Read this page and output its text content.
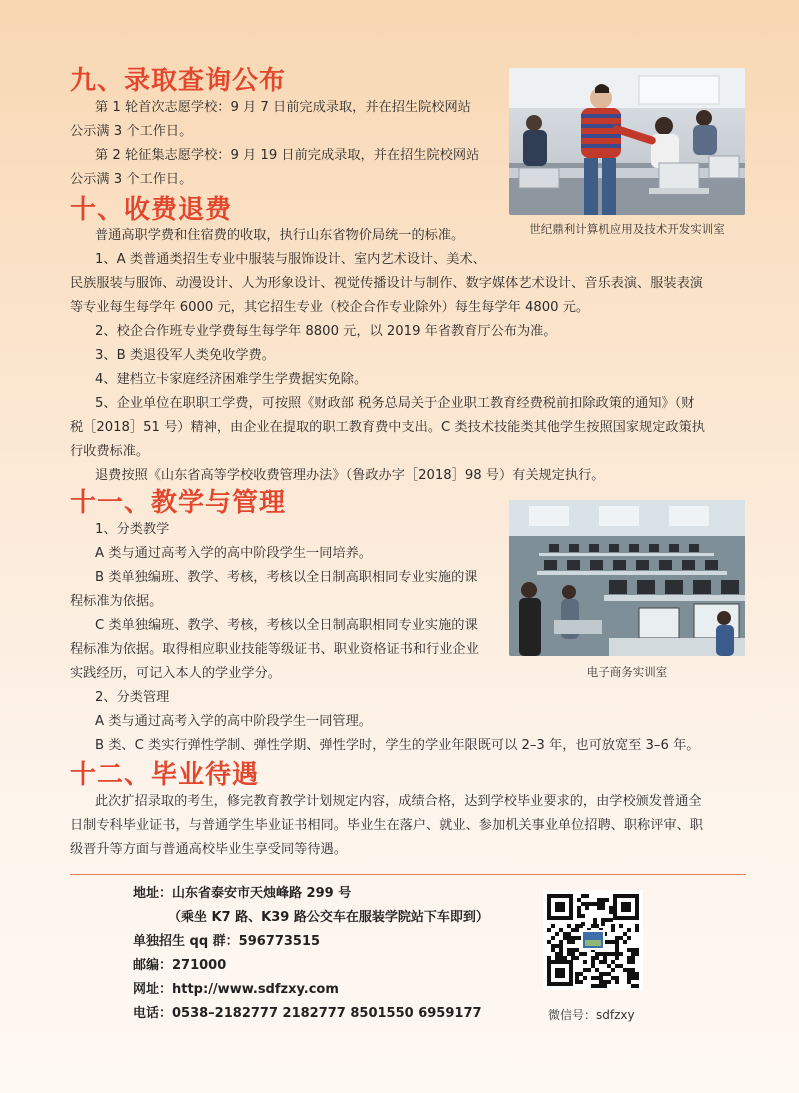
九、录取查询公布
第 1 轮首次志愿学校：9 月 7 日前完成录取，并在招生院校网站
公示满 3 个工作日。
第 2 轮征集志愿学校：9 月 19 日前完成录取，并在招生院校网站
公示满 3 个工作日。
世纪鼎利计算机应用及技术开发实训室
十、收费退费
普通高职学费和住宿费的收取，执行山东省物价局统一的标准。
1、A 类普通类招生专业中服装与服饰设计、室内艺术设计、美术、
民族服装与服饰、动漫设计、人为形象设计、视觉传播设计与制作、数字媒体艺术设计、音乐表演、服装表演
等专业每生每学年 6000 元，其它招生专业（校企合作专业除外）每生每学年 4800 元。
2、校企合作班专业学费每生每学年 8800 元，以 2019 年省教育厅公布为准。
3、B 类退役军人类免收学费。
4、建档立卡家庭经济困难学生学费据实免除。
5、企业单位在职职工学费，可按照《财政部 税务总局关于企业职工教育经费税前扣除政策的通知》（财
税［2018］51 号）精神，由企业在提取的职工教育费中支出。C 类技术技能类其他学生按照国家规定政策执
行收费标准。
退费按照《山东省高等学校收费管理办法》（鲁政办字［2018］98 号）有关规定执行。
十一、教学与管理
1、分类教学
A 类与通过高考入学的高中阶段学生一同培养。
B 类单独编班、教学、考核，考核以全日制高职相同专业实施的课
程标准为依据。
C 类单独编班、教学、考核，考核以全日制高职相同专业实施的课
程标准为依据。取得相应职业技能等级证书、职业资格证书和行业企业
实践经历，可记入本人的学业学分。
2、分类管理
A 类与通过高考入学的高中阶段学生一同管理。
B 类、C 类实行弹性学制、弹性学期、弹性学时，学生的学业年限既可以 2–3 年，也可放宽至 3–6 年。
电子商务实训室
十二、毕业待遇
此次扩招录取的考生，修完教育教学计划规定内容，成绩合格，达到学校毕业要求的，由学校颁发普通全
日制专科毕业证书，与普通学生毕业证书相同。毕业生在落户、就业、参加机关事业单位招聘、职称评审、职
级晋升等方面与普通高校毕业生享受同等待遇。
地址：山东省泰安市天烛峰路 299 号
（乘坐 K7 路、K39 路公交车在服装学院站下车即到）
单独招生 qq 群：596773515
邮编：271000
网址：http://www.sdfzxy.com
电话：0538–2182777 2182777 8501550 6959177	微信号：sdfzxy
